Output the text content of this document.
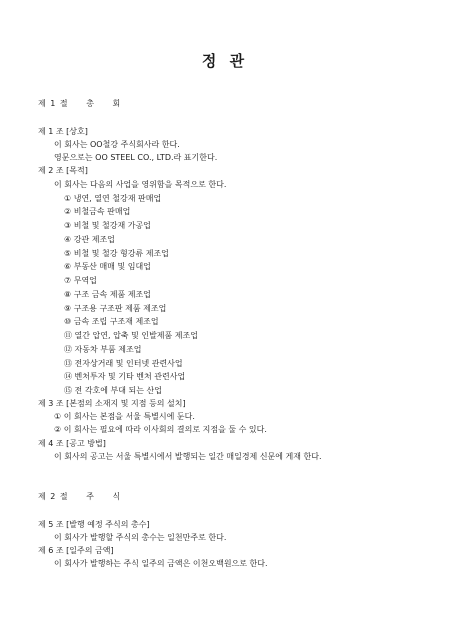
정 관
제 1 절 총 회
제 1 조 [상호]
이 회사는 OO철강 주식회사라 한다.
영문으로는 OO STEEL CO., LTD.라 표기한다.
제 2 조 [목적]
이 회사는 다음의 사업을 영위함을 목적으로 한다.
① 냉연, 열연 철강재 판매업
② 비철금속 판매업
③ 비철 및 철강재 가공업
④ 강관 제조업
⑤ 비철 및 철강 형강류 제조업
⑥ 부동산 매매 및 임대업
⑦ 무역업
⑧ 구조 금속 제품 제조업
⑨ 구조용 구조판 제품 제조업
⑩ 금속 조립 구조재 제조업
⑪ 열간 압연, 압축 및 인발제품 제조업
⑫ 자동차 부품 제조업
⑬ 전자상거래 및 인터넷 관련사업
⑭ 벤처투자 및 기타 벤처 관련사업
⑮ 전 각호에 부대 되는 산업
제 3 조 [본점의 소재지 및 지점 등의 설치]
① 이 회사는 본점을 서울 특별시에 둔다.
② 이 회사는 필요에 따라 이사회의 결의로 지점을 둘 수 있다.
제 4 조 [공고 방법]
이 회사의 공고는 서울 특별시에서 발행되는 일간 매일경제 신문에 게재 한다.
제 2 절 주 식
제 5 조 [발행 예정 주식의 총수]
이 회사가 발행할 주식의 총수는 일천만주로 한다.
제 6 조 [일주의 금액]
이 회사가 발행하는 주식 일주의 금액은 이천오백원으로 한다.
